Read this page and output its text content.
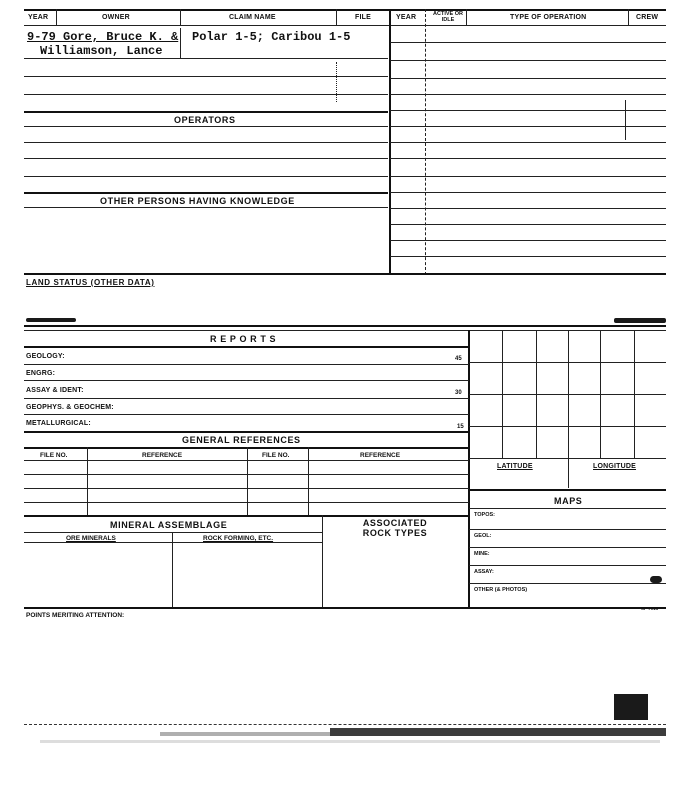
YEAR	OWNER	CLAIM NAME	FILE	YEAR	ACTIVE OR IDLE	TYPE OF OPERATION	CREW
9-79 Gore, Bruce K. &
Williamson, Lance
Polar 1-5; Caribou 1-5
OPERATORS
OTHER PERSONS HAVING KNOWLEDGE
LAND STATUS (OTHER DATA)
R E P O R T S
GEOLOGY:	45
ENGRG:
ASSAY & IDENT:	30
GEOPHYS. & GEOCHEM:
METALLURGICAL:	15
GENERAL REFERENCES
FILE NO.	REFERENCE	FILE NO.	REFERENCE
MINERAL ASSEMBLAGE	ASSOCIATED ROCK TYPES
ORE MINERALS	ROCK FORMING, ETC.
LATITUDE	LONGITUDE
MAPS
TOPOS:
GEOL:
MINE:
ASSAY:
OTHER (& PHOTOS)
POINTS MERITING ATTENTION:
SP 7915
